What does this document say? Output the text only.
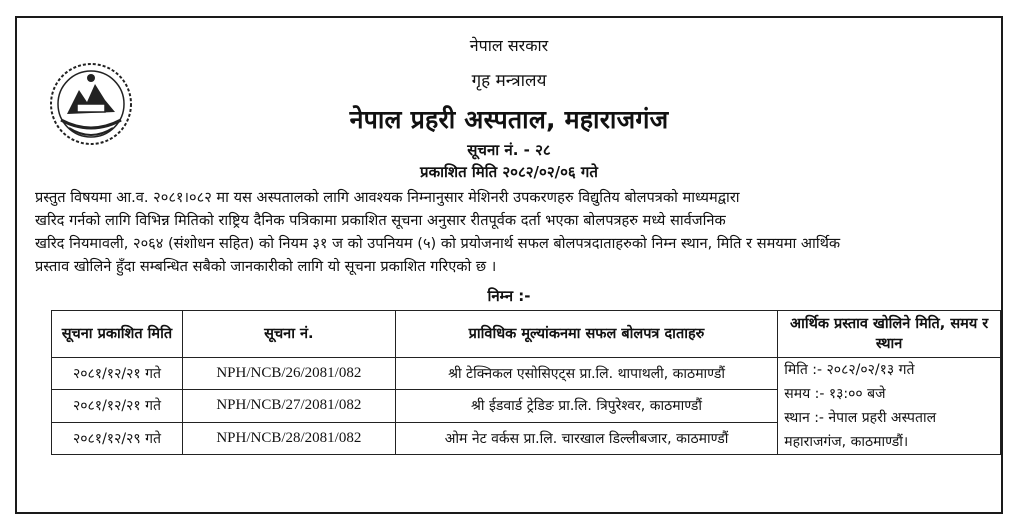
नेपाल सरकार
गृह मन्त्रालय
नेपाल प्रहरी अस्पताल, महाराजगंज
सूचना नं. - २८
प्रकाशित मिति २०८२/०२/०६ गते
प्रस्तुत विषयमा आ.व. २०८१।०८२ मा यस अस्पतालको लागि आवश्यक निम्नानुसार मेशिनरी उपकरणहरु विद्युतिय बोलपत्रको माध्यमद्वारा
खरिद गर्नको लागि विभिन्न मितिको राष्ट्रिय दैनिक पत्रिकामा प्रकाशित सूचना अनुसार रीतपूर्वक दर्ता भएका बोलपत्रहरु मध्ये सार्वजनिक
खरिद नियमावली, २०६४ (संशोधन सहित) को नियम ३१ ज को उपनियम (५) को प्रयोजनार्थ सफल बोलपत्रदाताहरुको निम्न स्थान, मिति र समयमा आर्थिक
प्रस्ताव खोलिने हुँदा सम्बन्धित सबैको जानकारीको लागि यो सूचना प्रकाशित गरिएको छ ।
निम्न :-
सूचना प्रकाशित मिति	सूचना नं.	प्राविधिक मूल्यांकनमा सफल बोलपत्र दाताहरु	आर्थिक प्रस्ताव खोलिने मिति, समय र स्थान
२०८१/१२/२१ गते	NPH/NCB/26/2081/082	श्री टेक्निकल एसोसिएट्स प्रा.लि. थापाथली, काठमाण्डौं	मिति :- २०८२/०२/१३ गते
समय :- १३:०० बजे
स्थान :- नेपाल प्रहरी अस्पताल महाराजगंज, काठमाण्डौं।

२०८१/१२/२१ गते	NPH/NCB/27/2081/082	श्री ईडवार्ड ट्रेडिङ प्रा.लि. त्रिपुरेश्वर, काठमाण्डौं	
२०८१/१२/२९ गते	NPH/NCB/28/2081/082	ओम नेट वर्कस प्रा.लि. चारखाल डिल्लीबजार, काठमाण्डौं	
